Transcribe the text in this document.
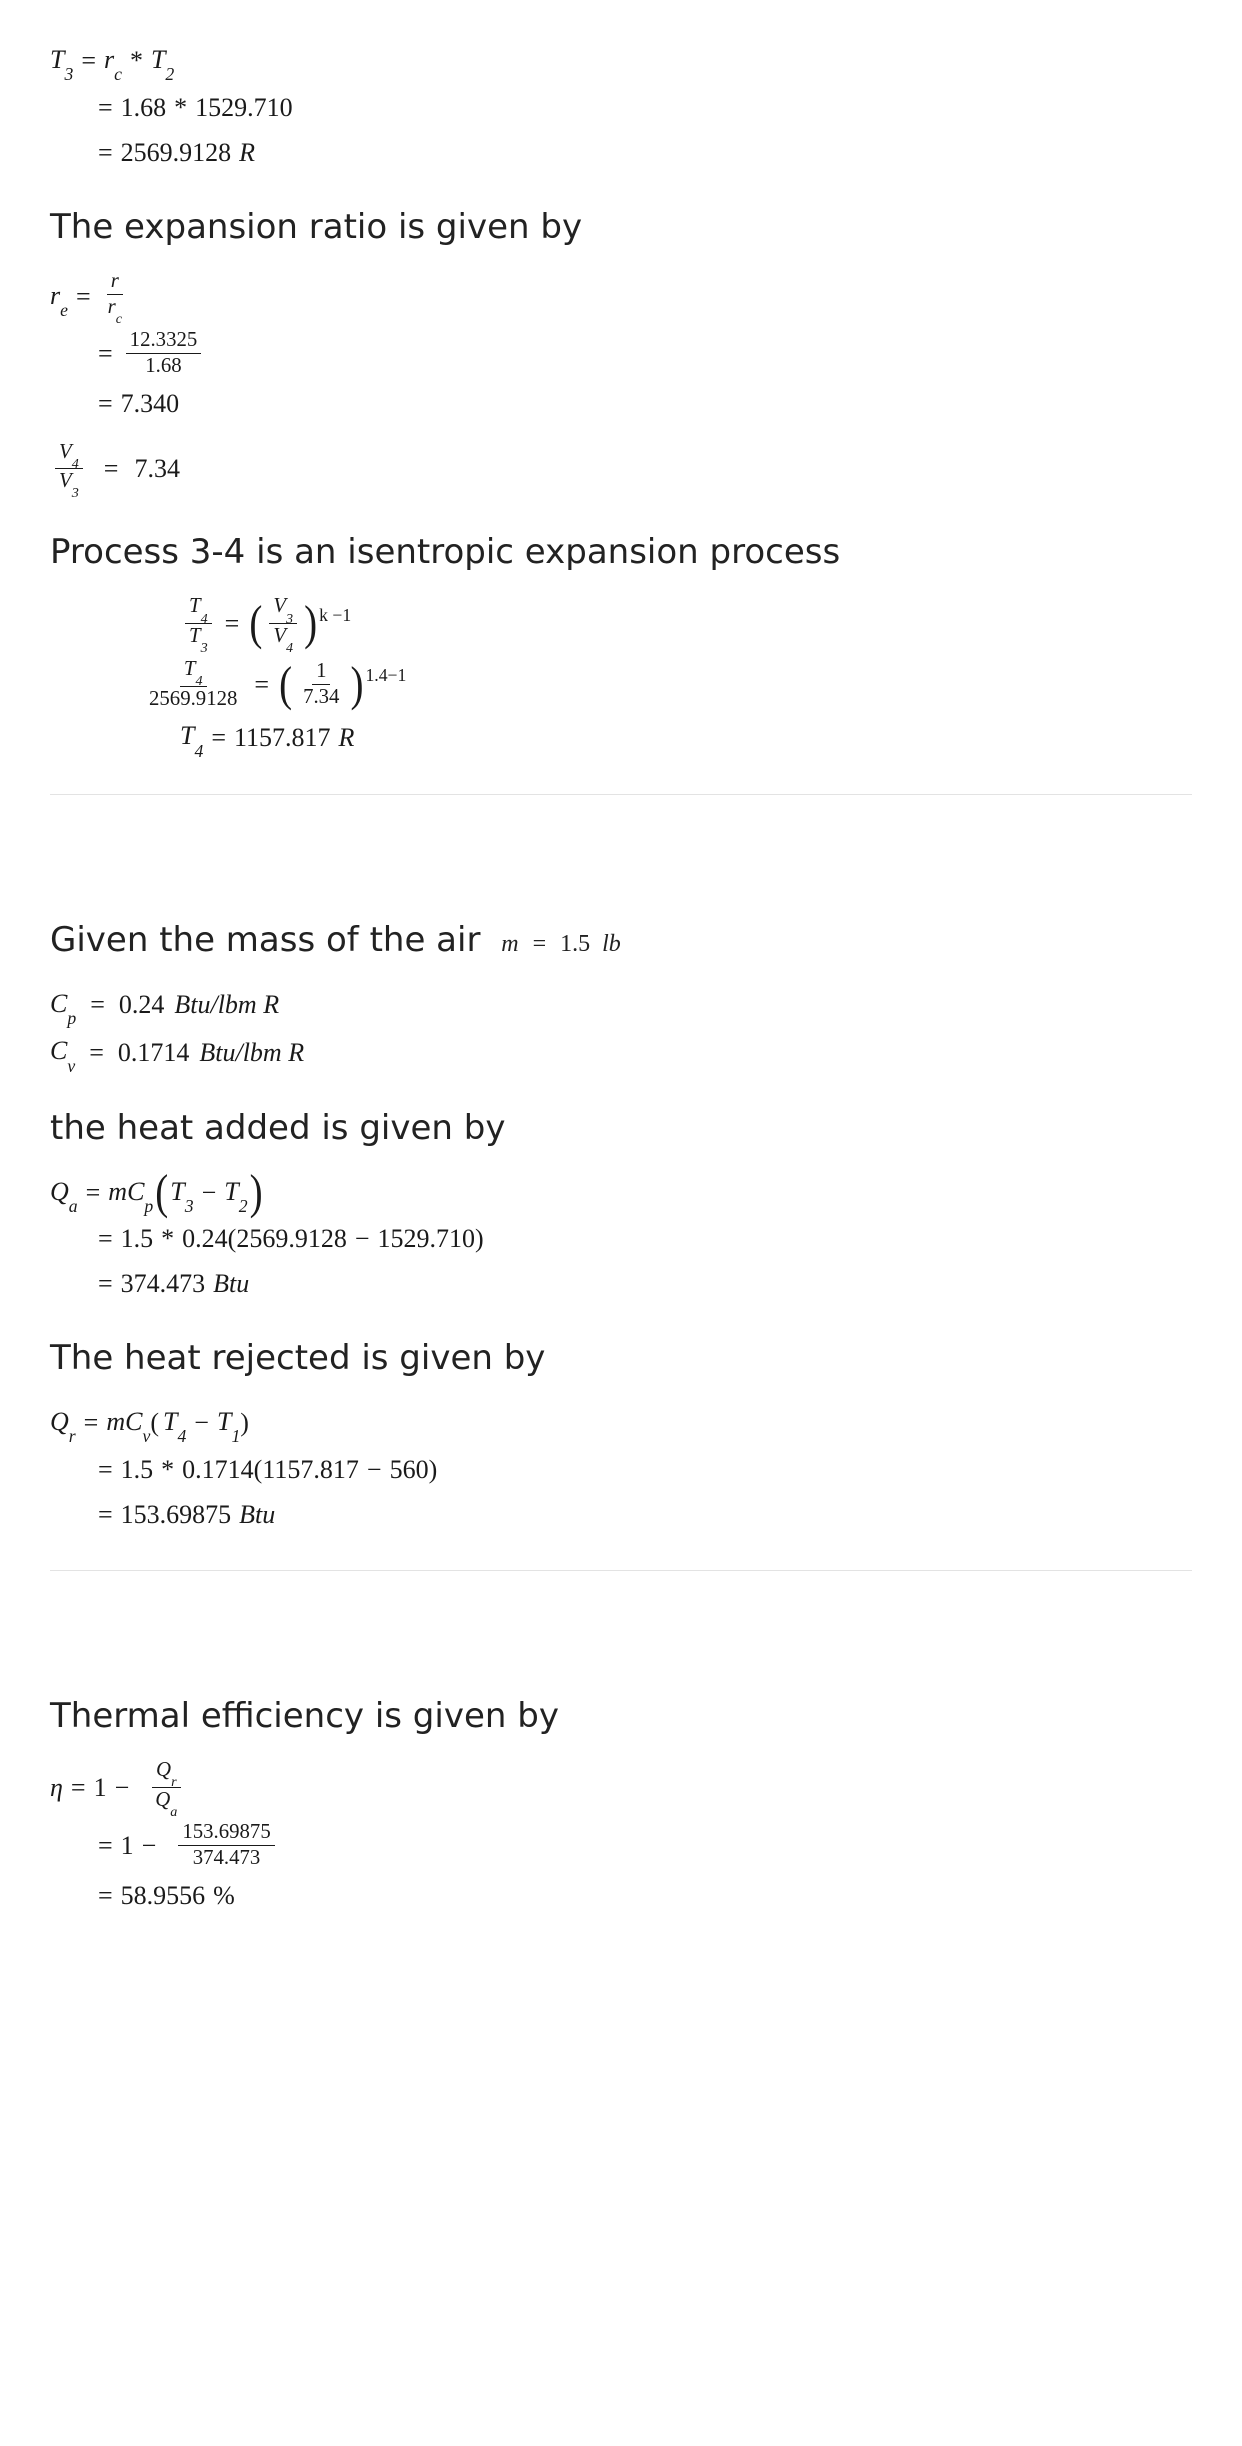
$T_3 = r_c * T_2$
= 1.68 * 1529.710
= 2569.9128 R
The expansion ratio is given by
$r_e = \frac{r}{r_c}$
= $\frac{12.3325}{1.68}$
= 7.340
$\frac{V_4}{V_3} = 7.34$
Process 3-4 is an isentropic expansion process
$\frac{T_4}{T_3}$ = ( $\frac{V_3}{V_4}$ ) k −1
$\frac{T_4}{2569.9128}$ = ( $\frac{1}{7.34}$ ) 1.4−1
$T_4 = 1157.817$ R

Given the mass of the air m = 1.5 lb
$C_p = 0.24$ Btu/lbm R
$C_v = 0.1714$ Btu/lbm R
the heat added is given by
$Q_a = mC_p$ ( $T_3 - T_2$ )
= 1.5 * 0.24 ( 2569.9128 − 1529.710 )
= 374.473 Btu
The heat rejected is given by
$Q_r = mC_v$ ( $T_4 - T_1$ )
= 1.5 * 0.1714 ( 1157.817 − 560 )
= 153.69875 Btu

Thermal efficiency is given by
$\eta = 1 - \frac{Q_r}{Q_a}$
= $1 - \frac{153.69875}{374.473}$
= 58.9556 %
